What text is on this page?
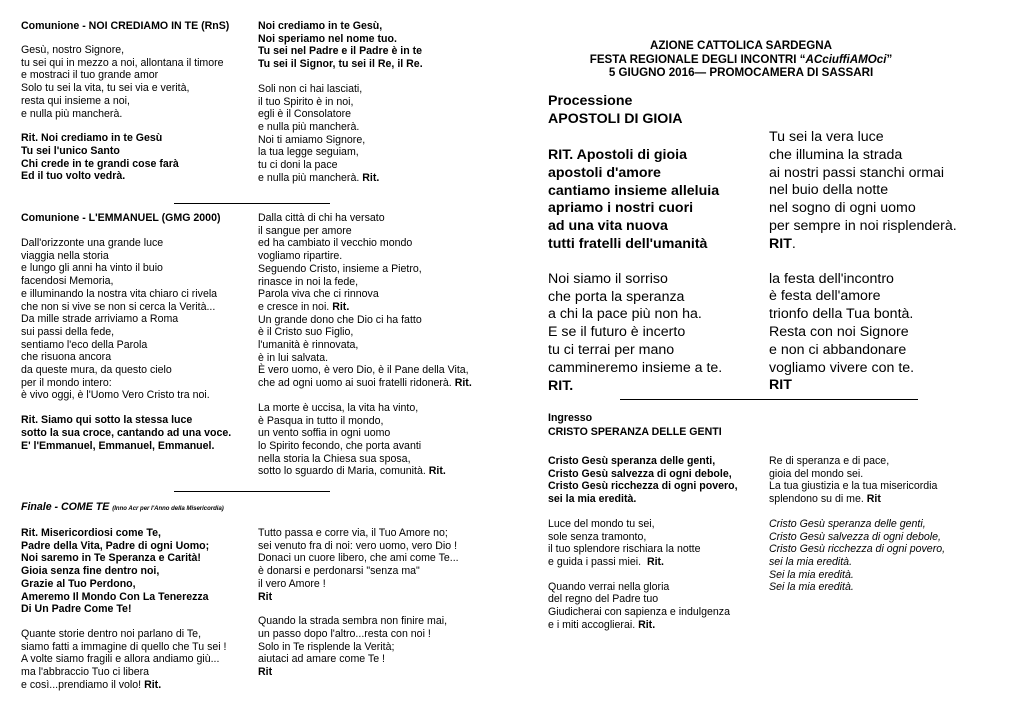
Comunione - NOI CREDIAMO IN TE (RnS)
Gesù, nostro Signore,
tu sei qui in mezzo a noi, allontana il timore
e mostraci il tuo grande amor
Solo tu sei la vita, tu sei via e verità,
resta qui insieme a noi,
e nulla più mancherà.
Rit. Noi crediamo in te Gesù
Tu sei l'unico Santo
Chi crede in te grandi cose farà
Ed il tuo volto vedrà.
Noi crediamo in te Gesù,
Noi speriamo nel nome tuo.
Tu sei nel Padre e il Padre è in te
Tu sei il Signor, tu sei il Re, il Re.
Soli non ci hai lasciati,
il tuo Spirito è in noi,
egli è il Consolatore
e nulla più mancherà.
Noi ti amiamo Signore,
la tua legge seguiam,
tu ci doni la pace
e nulla più mancherà. Rit.
Comunione - L'EMMANUEL (GMG 2000)
Dall'orizzonte una grande luce
viaggia nella storia
e lungo gli anni ha vinto il buio
facendosi Memoria,
e illuminando la nostra vita chiaro ci rivela
che non si vive se non si cerca la Verità...
Da mille strade arriviamo a Roma
sui passi della fede,
sentiamo l'eco della Parola
che risuona ancora
da queste mura, da questo cielo
per il mondo intero:
è vivo oggi, è l'Uomo Vero Cristo tra noi.
Rit. Siamo qui sotto la stessa luce
sotto la sua croce, cantando ad una voce.
E' l'Emmanuel, Emmanuel, Emmanuel.
Dalla città di chi ha versato
il sangue per amore
ed ha cambiato il vecchio mondo
vogliamo ripartire.
Seguendo Cristo, insieme a Pietro,
rinasce in noi la fede,
Parola viva che ci rinnova
e cresce in noi. Rit.
Un grande dono che Dio ci ha fatto
è il Cristo suo Figlio,
l'umanità è rinnovata,
è in lui salvata.
È vero uomo, è vero Dio, è il Pane della Vita,
che ad ogni uomo ai suoi fratelli ridonerà. Rit.
La morte è uccisa, la vita ha vinto,
è Pasqua in tutto il mondo,
un vento soffia in ogni uomo
lo Spirito fecondo, che porta avanti
nella storia la Chiesa sua sposa,
sotto lo sguardo di Maria, comunità. Rit.
Finale - COME TE (Inno Acr per l'Anno della Misericordia)
Rit. Misericordiosi come Te,
Padre della Vita, Padre di ogni Uomo;
Noi saremo in Te Speranza e Carità!
Gioia senza fine dentro noi,
Grazie al Tuo Perdono,
Ameremo Il Mondo Con La Tenerezza
Di Un Padre Come Te!
Quante storie dentro noi parlano di Te,
siamo fatti a immagine di quello che Tu sei !
A volte siamo fragili e allora andiamo giù...
ma l'abbraccio Tuo ci libera
e così...prendiamo il volo! Rit.
Tutto passa e corre via, il Tuo Amore no;
sei venuto fra di noi: vero uomo, vero Dio !
Donaci un cuore libero, che ami come Te...
è donarsi e perdonarsi "senza ma"
il vero Amore !
Rit
Quando la strada sembra non finire mai,
un passo dopo l'altro...resta con noi !
Solo in Te risplende la Verità;
aiutaci ad amare come Te !
Rit
AZIONE CATTOLICA SARDEGNA
FESTA REGIONALE DEGLI INCONTRI “ACciuffiAMOci”
5 GIUGNO 2016— PROMOCAMERA DI SASSARI
Processione
APOSTOLI DI GIOIA
RIT. Apostoli di gioia
apostoli d'amore
cantiamo insieme alleluia
apriamo i nostri cuori
ad una vita nuova
tutti fratelli dell'umanità
Noi siamo il sorriso
che porta la speranza
a chi la pace più non ha.
E se il futuro è incerto
tu ci terrai per mano
cammineremo insieme a te.
RIT.
Tu sei la vera luce
che illumina la strada
ai nostri passi stanchi ormai
nel buio della notte
nel sogno di ogni uomo
per sempre in noi risplenderà.
RIT.
la festa dell'incontro
è festa dell'amore
trionfo della Tua bontà.
Resta con noi Signore
e non ci abbandonare
vogliamo vivere con te.
RIT
Ingresso
CRISTO SPERANZA DELLE GENTI
Cristo Gesù speranza delle genti,
Cristo Gesù salvezza di ogni debole,
Cristo Gesù ricchezza di ogni povero,
sei la mia eredità.
Luce del mondo tu sei,
sole senza tramonto,
il tuo splendore rischiara la notte
e guida i passi miei.  Rit.
Quando verrai nella gloria
del regno del Padre tuo
Giudicherai con sapienza e indulgenza
e i miti accoglierai. Rit.
Re di speranza e di pace,
gioia del mondo sei.
La tua giustizia e la tua misericordia
splendono su di me. Rit
Cristo Gesù speranza delle genti,
Cristo Gesù salvezza di ogni debole,
Cristo Gesù ricchezza di ogni povero,
sei la mia eredità.
Sei la mia eredità.
Sei la mia eredità.
